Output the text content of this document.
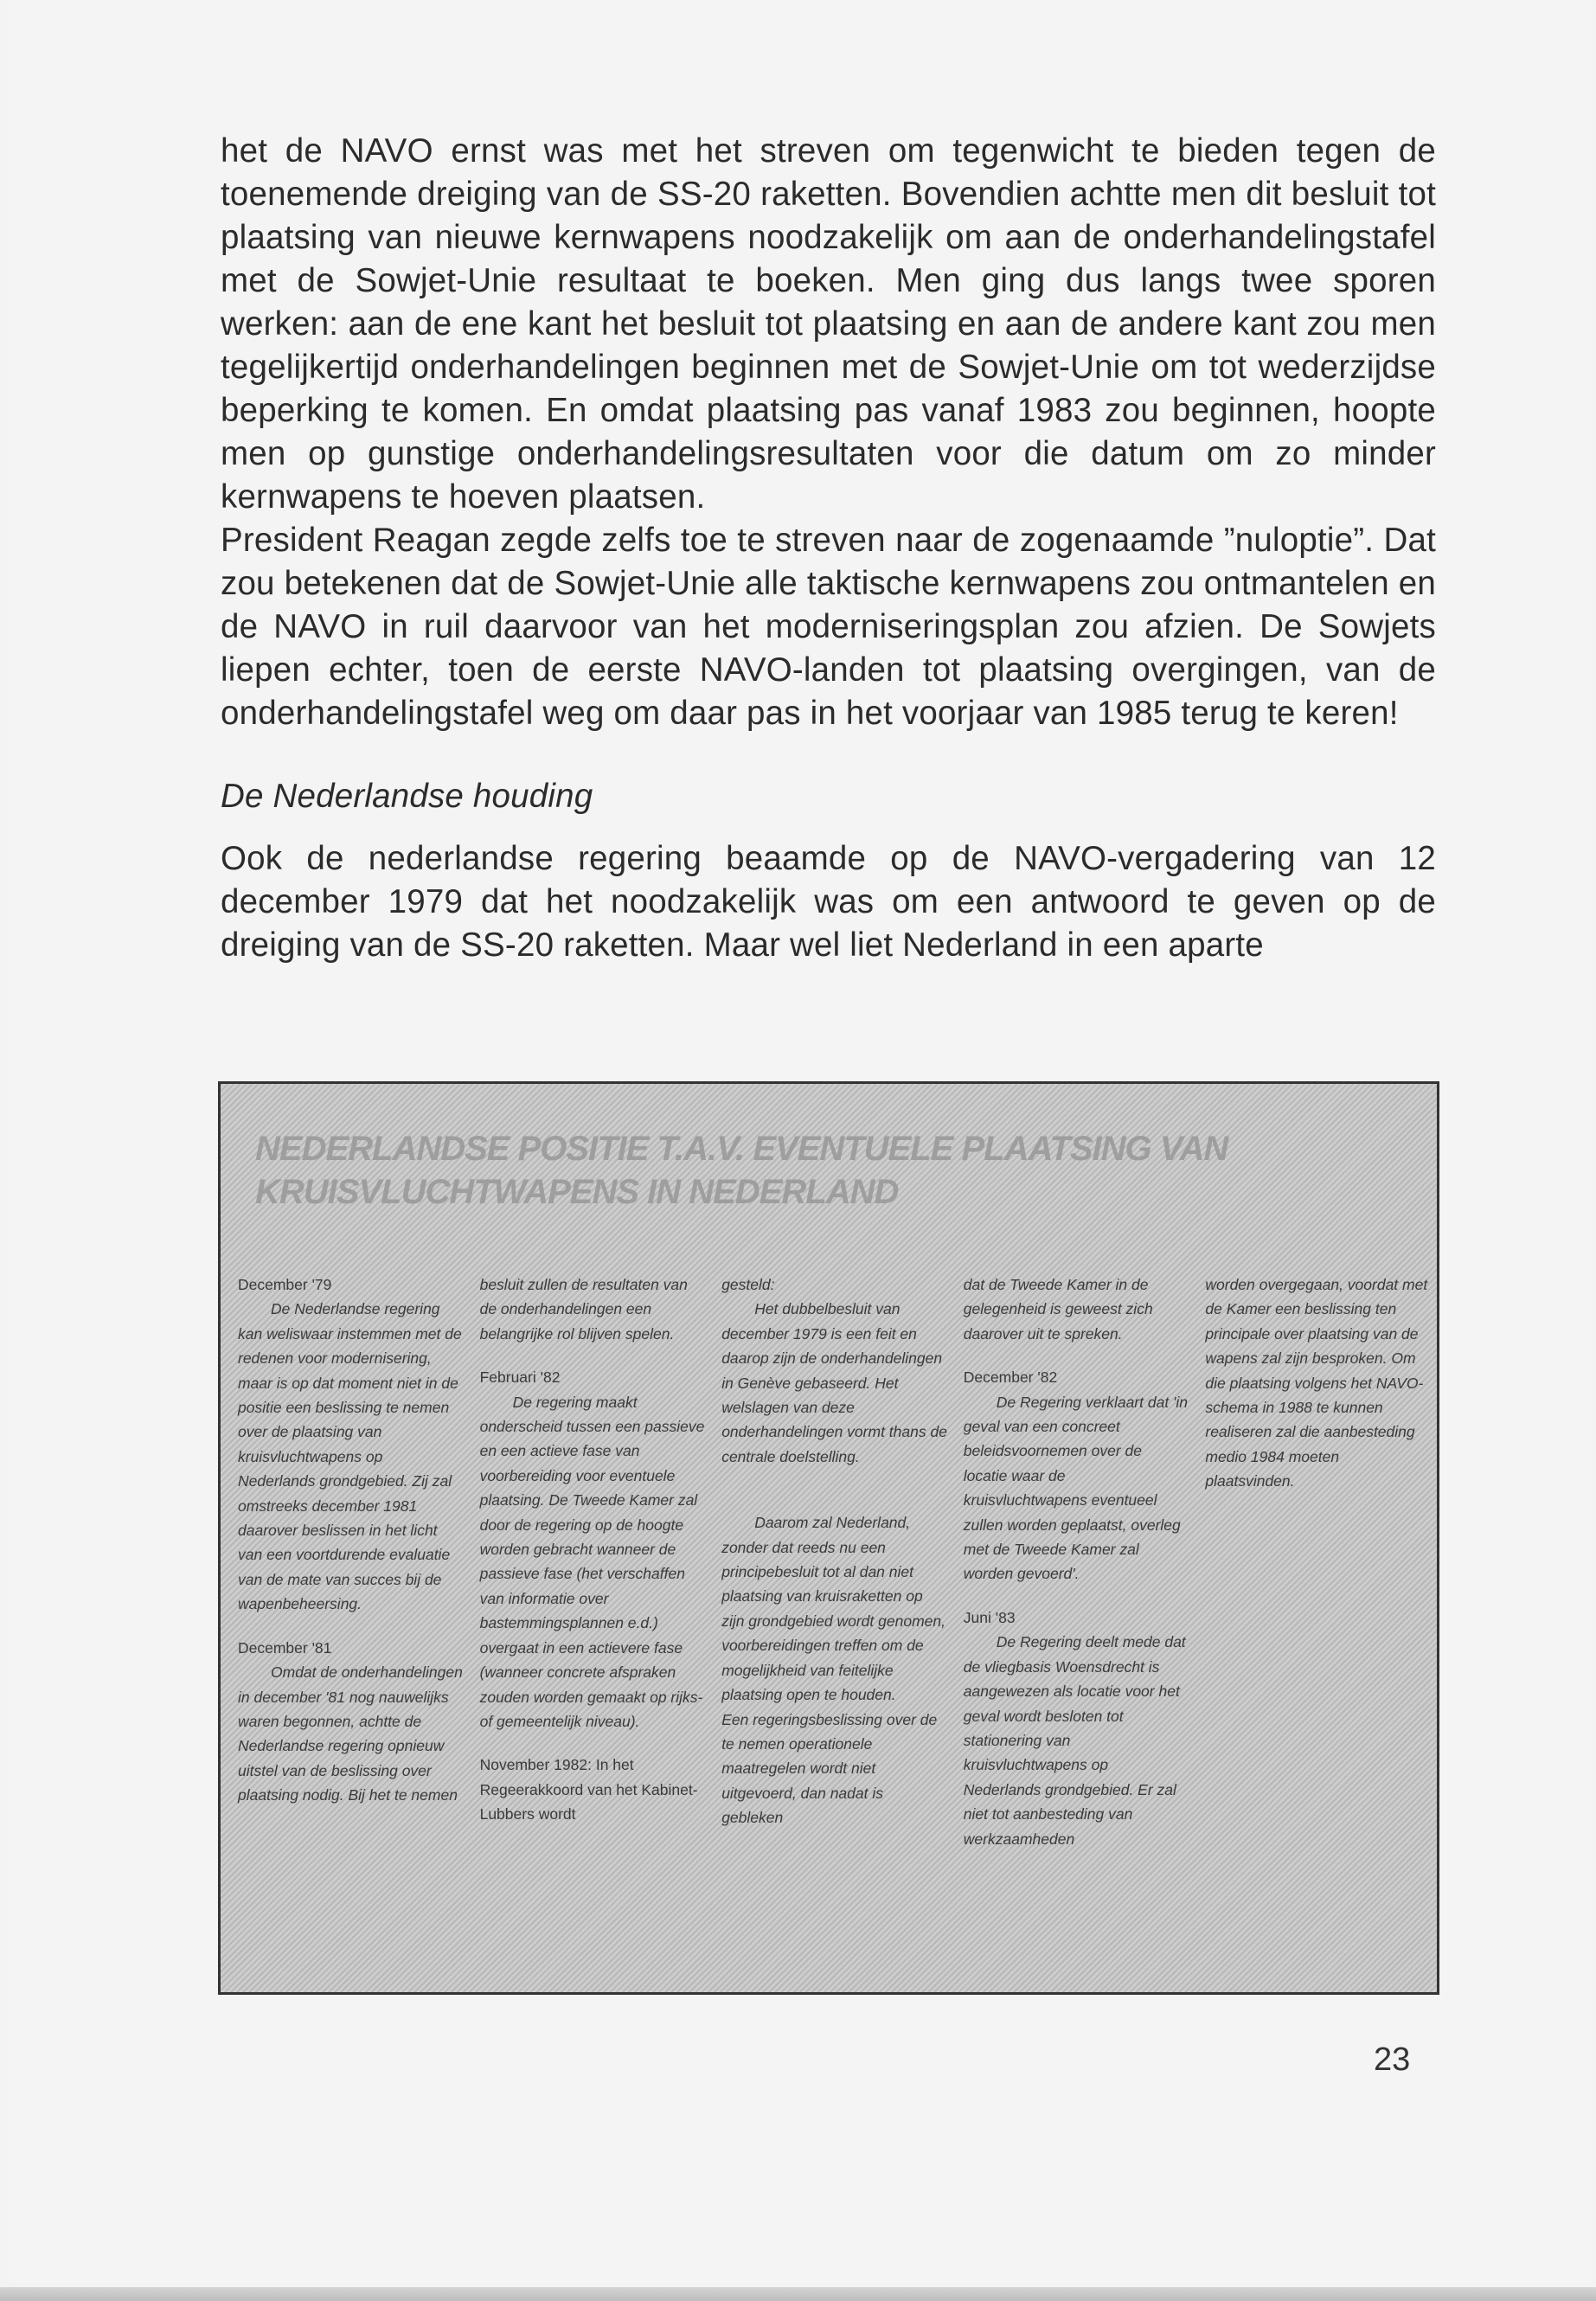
het de NAVO ernst was met het streven om tegenwicht te bieden tegen de toenemende dreiging van de SS-20 raketten. Bovendien achtte men dit besluit tot plaatsing van nieuwe kernwapens noodzakelijk om aan de onderhandelingstafel met de Sowjet-Unie resultaat te boeken. Men ging dus langs twee sporen werken: aan de ene kant het besluit tot plaatsing en aan de andere kant zou men tegelijkertijd onderhandelingen beginnen met de Sowjet-Unie om tot wederzijdse beperking te komen. En omdat plaatsing pas vanaf 1983 zou beginnen, hoopte men op gunstige onderhandelingsresultaten voor die datum om zo minder kernwapens te hoeven plaatsen.

President Reagan zegde zelfs toe te streven naar de zogenaamde ”nuloptie”. Dat zou betekenen dat de Sowjet-Unie alle taktische kernwapens zou ontmantelen en de NAVO in ruil daarvoor van het moderniseringsplan zou afzien. De Sowjets liepen echter, toen de eerste NAVO-landen tot plaatsing overgingen, van de onderhandelingstafel weg om daar pas in het voorjaar van 1985 terug te keren!

De Nederlandse houding

Ook de nederlandse regering beaamde op de NAVO-vergadering van 12 december 1979 dat het noodzakelijk was om een antwoord te geven op de dreiging van de SS-20 raketten. Maar wel liet Nederland in een aparte

NEDERLANDSE POSITIE T.A.V. EVENTUELE PLAATSING VAN KRUISVLUCHTWAPENS IN NEDERLAND
December '79
De Nederlandse regering kan weliswaar instemmen met de redenen voor modernisering, maar is op dat moment niet in de positie een beslissing te nemen over de plaatsing van kruisvluchtwapens op Nederlands grondgebied. Zij zal omstreeks december 1981 daarover beslissen in het licht van een voortdurende evaluatie van de mate van succes bij de wapenbeheersing.
December '81
Omdat de onderhandelingen in december '81 nog nauwelijks waren begonnen, achtte de Nederlandse regering opnieuw uitstel van de beslissing over plaatsing nodig. Bij het te nemen
besluit zullen de resultaten van de onderhandelingen een belangrijke rol blijven spelen.
Februari '82
De regering maakt onderscheid tussen een passieve en een actieve fase van voorbereiding voor eventuele plaatsing. De Tweede Kamer zal door de regering op de hoogte worden gebracht wanneer de passieve fase (het verschaffen van informatie over bastemmingsplannen e.d.) overgaat in een actievere fase (wanneer concrete afspraken zouden worden gemaakt op rijks- of gemeentelijk niveau).
November 1982: In het Regeerakkoord van het Kabinet-Lubbers wordt
gesteld:
Het dubbelbesluit van december 1979 is een feit en daarop zijn de onderhandelingen in Genève gebaseerd. Het welslagen van deze onderhandelingen vormt thans de centrale doelstelling.
Daarom zal Nederland, zonder dat reeds nu een principebesluit tot al dan niet plaatsing van kruisraketten op zijn grondgebied wordt genomen, voorbereidingen treffen om de mogelijkheid van feitelijke plaatsing open te houden.
Een regeringsbeslissing over de te nemen operationele maatregelen wordt niet uitgevoerd, dan nadat is gebleken
dat de Tweede Kamer in de gelegenheid is geweest zich daarover uit te spreken.
December '82
De Regering verklaart dat 'in geval van een concreet beleidsvoornemen over de locatie waar de kruisvluchtwapens eventueel zullen worden geplaatst, overleg met de Tweede Kamer zal worden gevoerd'.
Juni '83
De Regering deelt mede dat de vliegbasis Woensdrecht is aangewezen als locatie voor het geval wordt besloten tot stationering van kruisvluchtwapens op Nederlands grondgebied. Er zal niet tot aanbesteding van werkzaamheden
worden overgegaan, voordat met de Kamer een beslissing ten principale over plaatsing van de wapens zal zijn besproken. Om die plaatsing volgens het NAVO-schema in 1988 te kunnen realiseren zal die aanbesteding medio 1984 moeten plaatsvinden.
23
